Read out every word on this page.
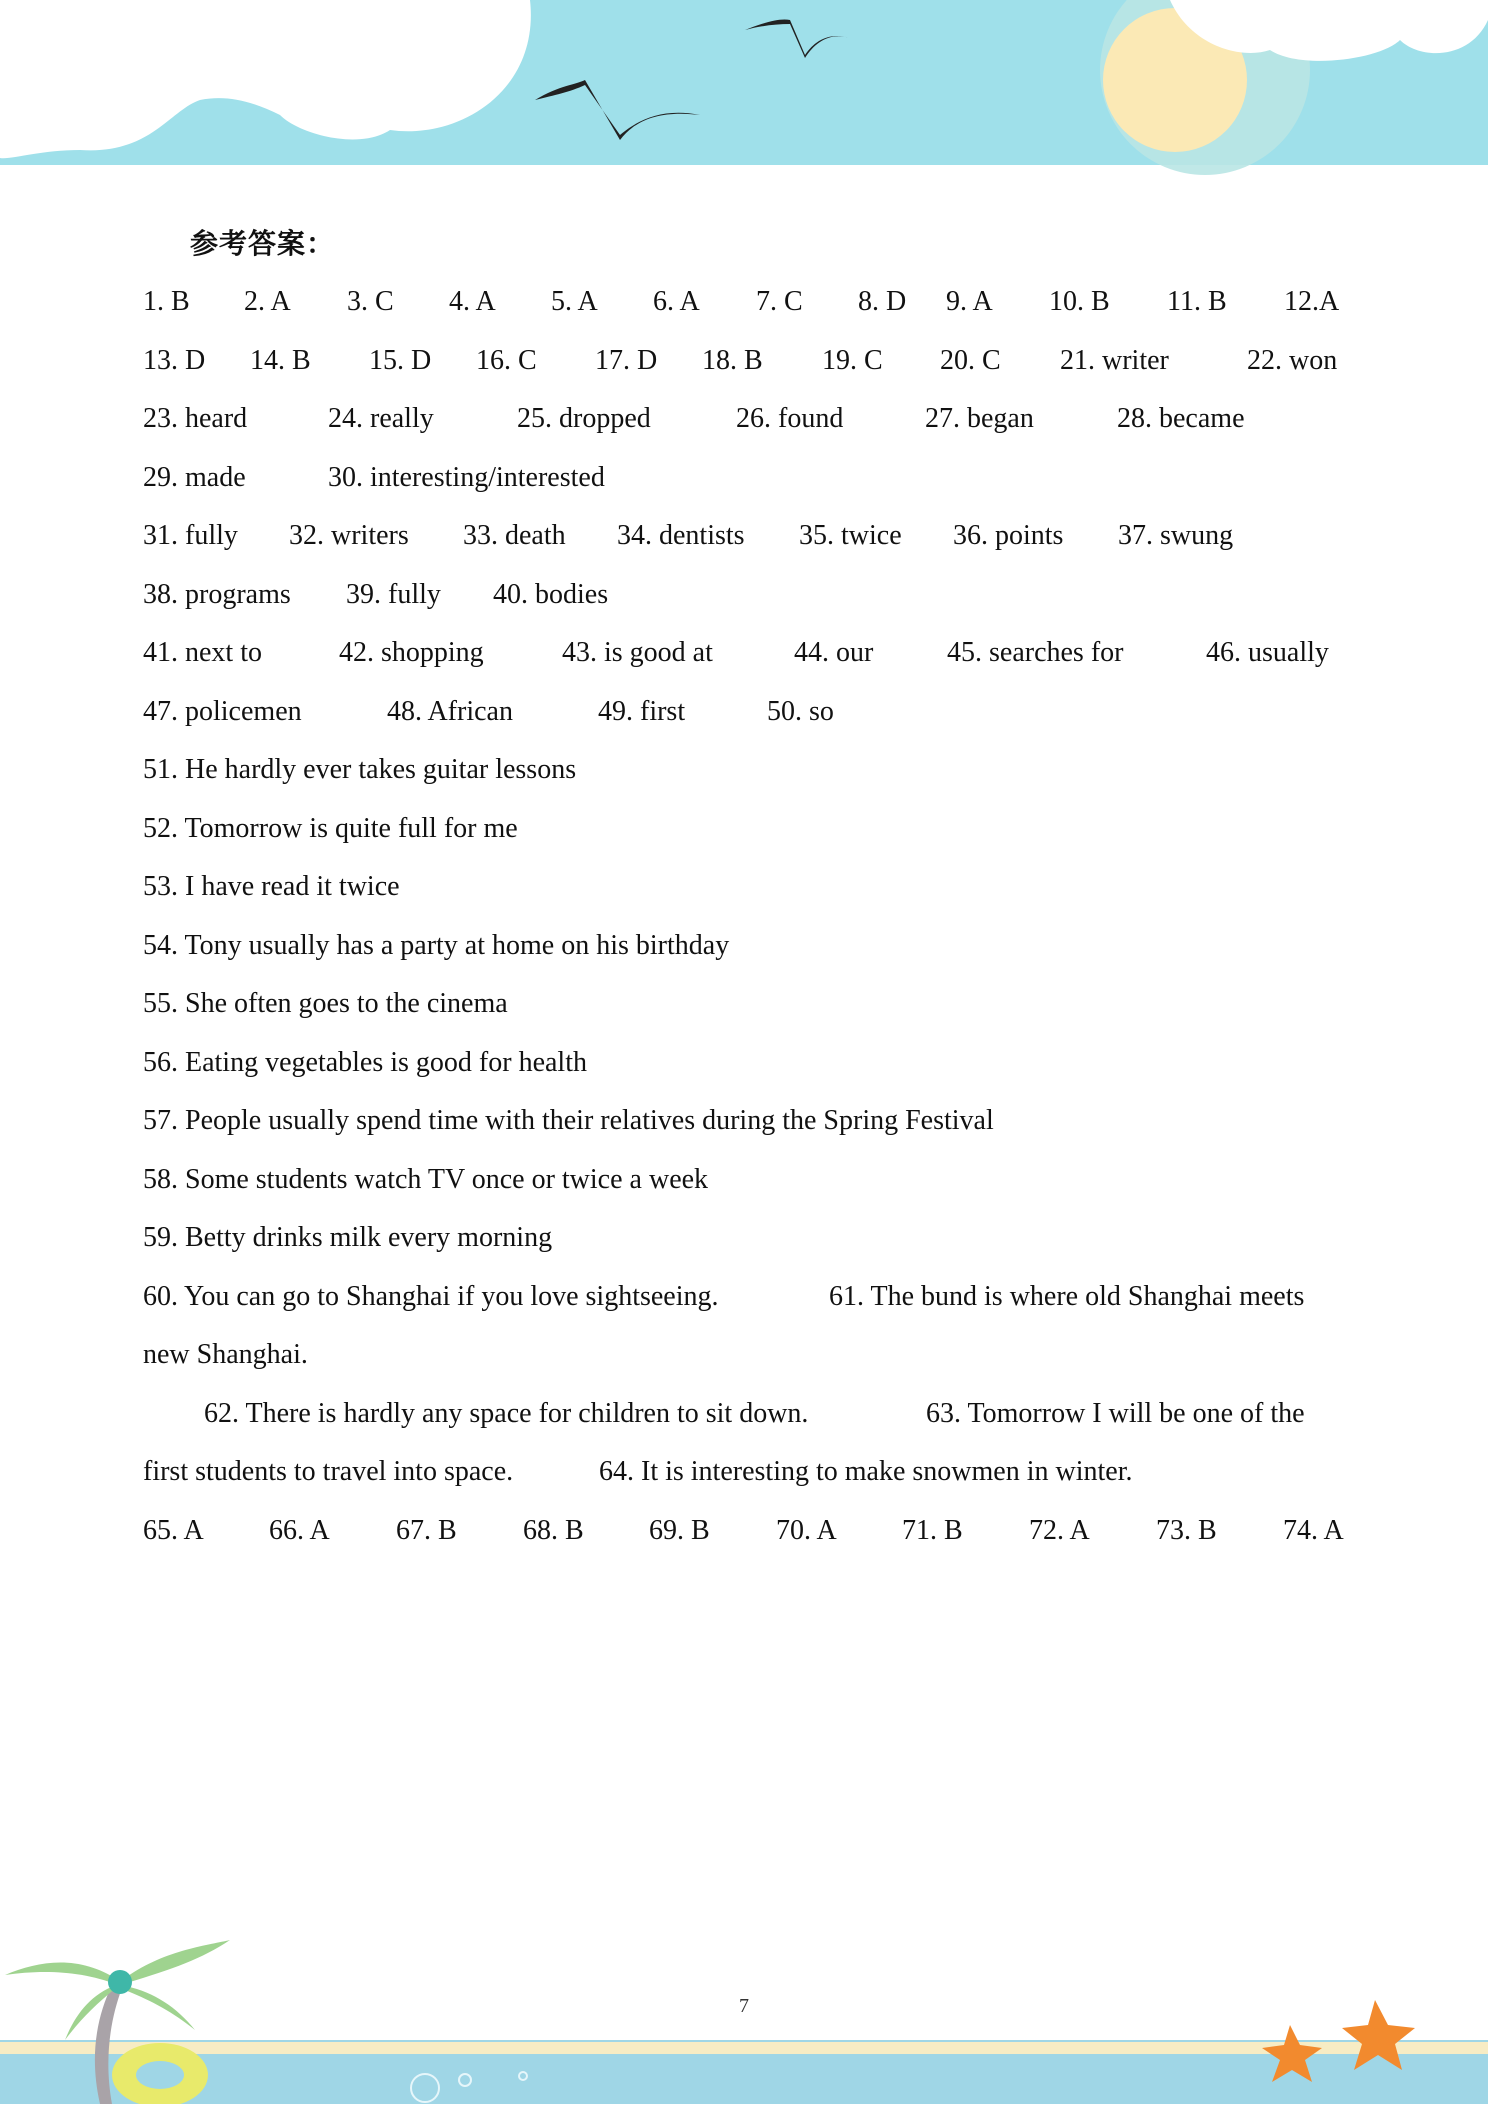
参考答案：
1. B 2. A 3. C 4. A 5. A 6. A 7. C 8. D 9. A 10. B 11. B 12.A
13. D 14. B 15. D 16. C 17. D 18. B 19. C 20. C 21. writer	22. won
23. heard	24. really	25. dropped	26. found	27. began	28. became
29. made	30. interesting/interested
31. fully 32. writers 33. death 34. dentists 35. twice 36. points 37. swung
38. programs 39. fully 40. bodies
41. next to	42. shopping	43. is good at	44. our	45. searches for	46. usually
47. policemen	48. African	49. first	50. so
51. He hardly ever takes guitar lessons
52. Tomorrow is quite full for me
53. I have read it twice
54. Tony usually has a party at home on his birthday
55. She often goes to the cinema
56. Eating vegetables is good for health
57. People usually spend time with their relatives during the Spring Festival
58. Some students watch TV once or twice a week
59. Betty drinks milk every morning
60. You can go to Shanghai if you love sightseeing.	61. The bund is where old Shanghai meets
new Shanghai.
62. There is hardly any space for children to sit down.	63. Tomorrow I will be one of the
first students to travel into space.	64. It is interesting to make snowmen in winter.
65. A 66. A 67. B 68. B 69. B 70. A 71. B 72. A 73. B 74. A
7
